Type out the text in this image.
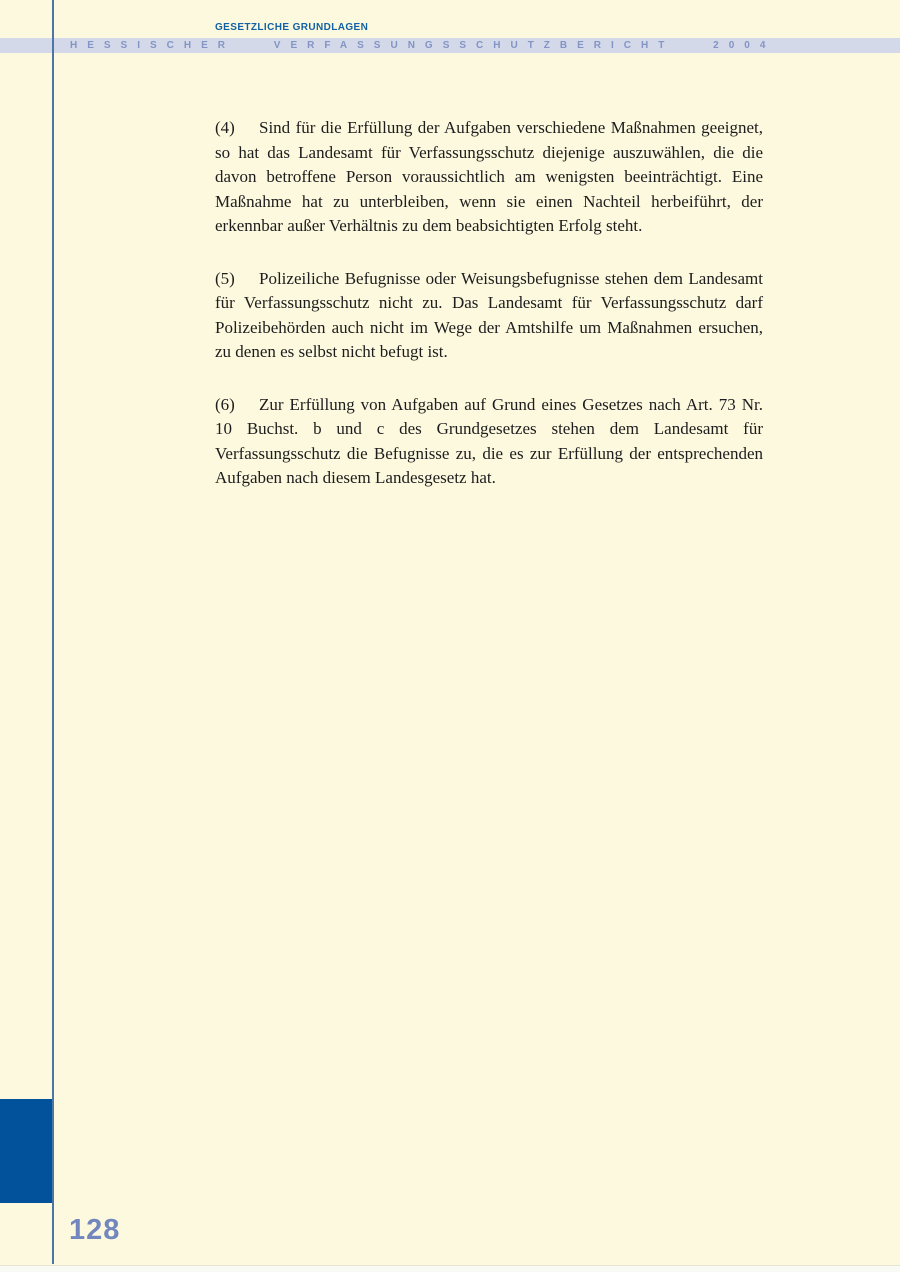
GESETZLICHE GRUNDLAGEN
HESSISCHER VERFASSUNGSSCHUTZBERICHT 2004

(4) Sind für die Erfüllung der Aufgaben verschiedene Maßnahmen geeignet, so hat das Landesamt für Verfassungsschutz diejenige auszuwählen, die die davon betroffene Person voraussichtlich am wenigsten beeinträchtigt. Eine Maßnahme hat zu unterbleiben, wenn sie einen Nachteil herbeiführt, der erkennbar außer Verhältnis zu dem beabsichtigten Erfolg steht.

(5) Polizeiliche Befugnisse oder Weisungsbefugnisse stehen dem Landesamt für Verfassungsschutz nicht zu. Das Landesamt für Verfassungsschutz darf Polizeibehörden auch nicht im Wege der Amtshilfe um Maßnahmen ersuchen, zu denen es selbst nicht befugt ist.

(6) Zur Erfüllung von Aufgaben auf Grund eines Gesetzes nach Art. 73 Nr. 10 Buchst. b und c des Grundgesetzes stehen dem Landesamt für Verfassungsschutz die Befugnisse zu, die es zur Erfüllung der entsprechenden Aufgaben nach diesem Landesgesetz hat.

128
